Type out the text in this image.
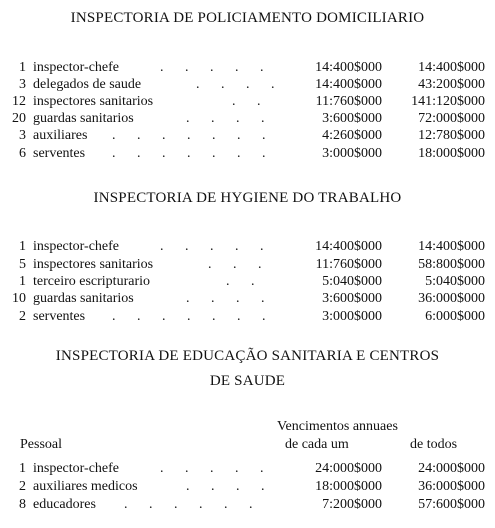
INSPECTORIA DE POLICIAMENTO DOMICILIARIO
1 inspector-chefe	. . . . .	14:400$000	14:400$000
3 delegados de saude	. . . . 14:400$000	43:200$000
12 inspectores sanitarios	. .	11:760$000 141:120$000
20 guardas sanitarios	. . . .	3:600$000	72:000$000
3 auxiliares . . . . . . .	4:260$000	12:780$000
6 serventes . . . . . . .	3:000$000	18:000$000
INSPECTORIA DE HYGIENE DO TRABALHO
1 inspector-chefe	. . . . .	14:400$000	14:400$000
5 inspectores sanitarios	. . .	11:760$000	58:800$000
1 terceiro escripturario	. .	5:040$000	5:040$000
10 guardas sanitarios	. . . .	3:600$000	36:000$000
2 serventes . . . . . . .	3:000$000	6:000$000
INSPECTORIA DE EDUCAÇÃO SANITARIA E CENTROS
DE SAUDE
Vencimentos annuaes
Pessoal	de cada um	de todos
1 inspector-chefe	. . . . .	24:000$000	24:000$000
2 auxiliares medicos	. . . .	18:000$000	36:000$000
8 educadores . . . . . .	7:200$000	57:600$000
